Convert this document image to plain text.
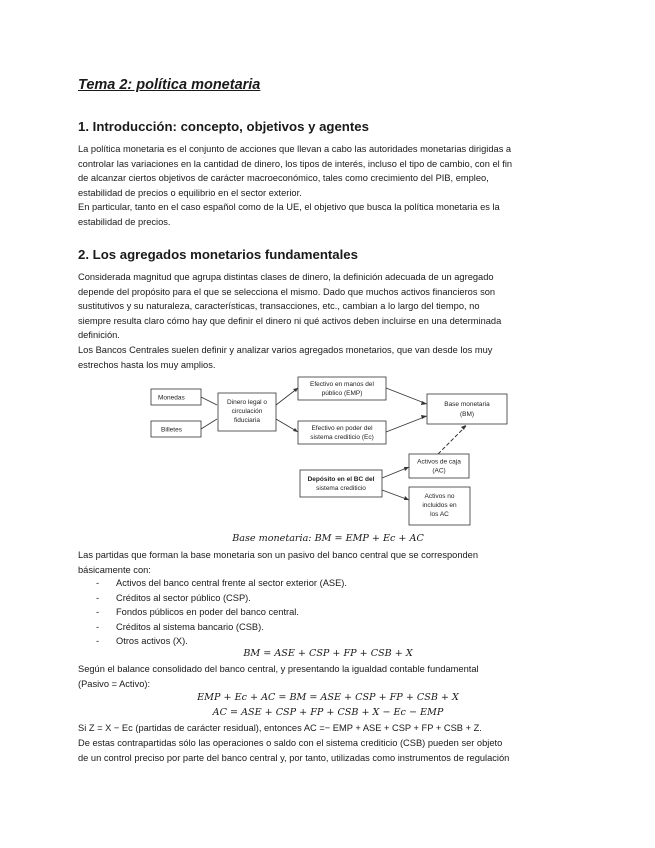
Tema 2: política monetaria
1. Introducción: concepto, objetivos y agentes
La política monetaria es el conjunto de acciones que llevan a cabo las autoridades monetarias dirigidas a
controlar las variaciones en la cantidad de dinero, los tipos de interés, incluso el tipo de cambio, con el fin
de alcanzar ciertos objetivos de carácter macroeconómico, tales como crecimiento del PIB, empleo,
estabilidad de precios o equilibrio en el sector exterior.
En particular, tanto en el caso español como de la UE, el objetivo que busca la política monetaria es la
estabilidad de precios.
2. Los agregados monetarios fundamentales
Considerada magnitud que agrupa distintas clases de dinero, la definición adecuada de un agregado
depende del propósito para el que se selecciona el mismo. Dado que muchos activos financieros son
sustitutivos y su naturaleza, características, transacciones, etc., cambian a lo largo del tiempo, no
siempre resulta claro cómo hay que definir el dinero ni qué activos deben incluirse en una determinada
definición.
Los Bancos Centrales suelen definir y analizar varios agregados monetarios, que van desde los muy
estrechos hasta los muy amplios.
Monedas
Billetes
Dinero legal o
circulación
fiduciaria
Efectivo en manos del
público (EMP)
Efectivo en poder del
sistema crediticio (Ec)
Base monetaria
(BM)
Activos de caja
(AC)
Depósito en el BC del
sistema crediticio
Activos no
incluidos en
los AC
Base monetaria: BM = EMP + Ec + AC
Las partidas que forman la base monetaria son un pasivo del banco central que se corresponden
básicamente con:
- Activos del banco central frente al sector exterior (ASE).
- Créditos al sector público (CSP).
- Fondos públicos en poder del banco central.
- Créditos al sistema bancario (CSB).
- Otros activos (X).
BM = ASE + CSP + FP + CSB + X
Según el balance consolidado del banco central, y presentando la igualdad contable fundamental
(Pasivo = Activo):
EMP + Ec + AC = BM = ASE + CSP + FP + CSB + X
AC = ASE + CSP + FP + CSB + X − Ec − EMP
Si Z = X − Ec (partidas de carácter residual), entonces AC =− EMP + ASE + CSP + FP + CSB + Z.
De estas contrapartidas sólo las operaciones o saldo con el sistema crediticio (CSB) pueden ser objeto
de un control preciso por parte del banco central y, por tanto, utilizadas como instrumentos de regulación
